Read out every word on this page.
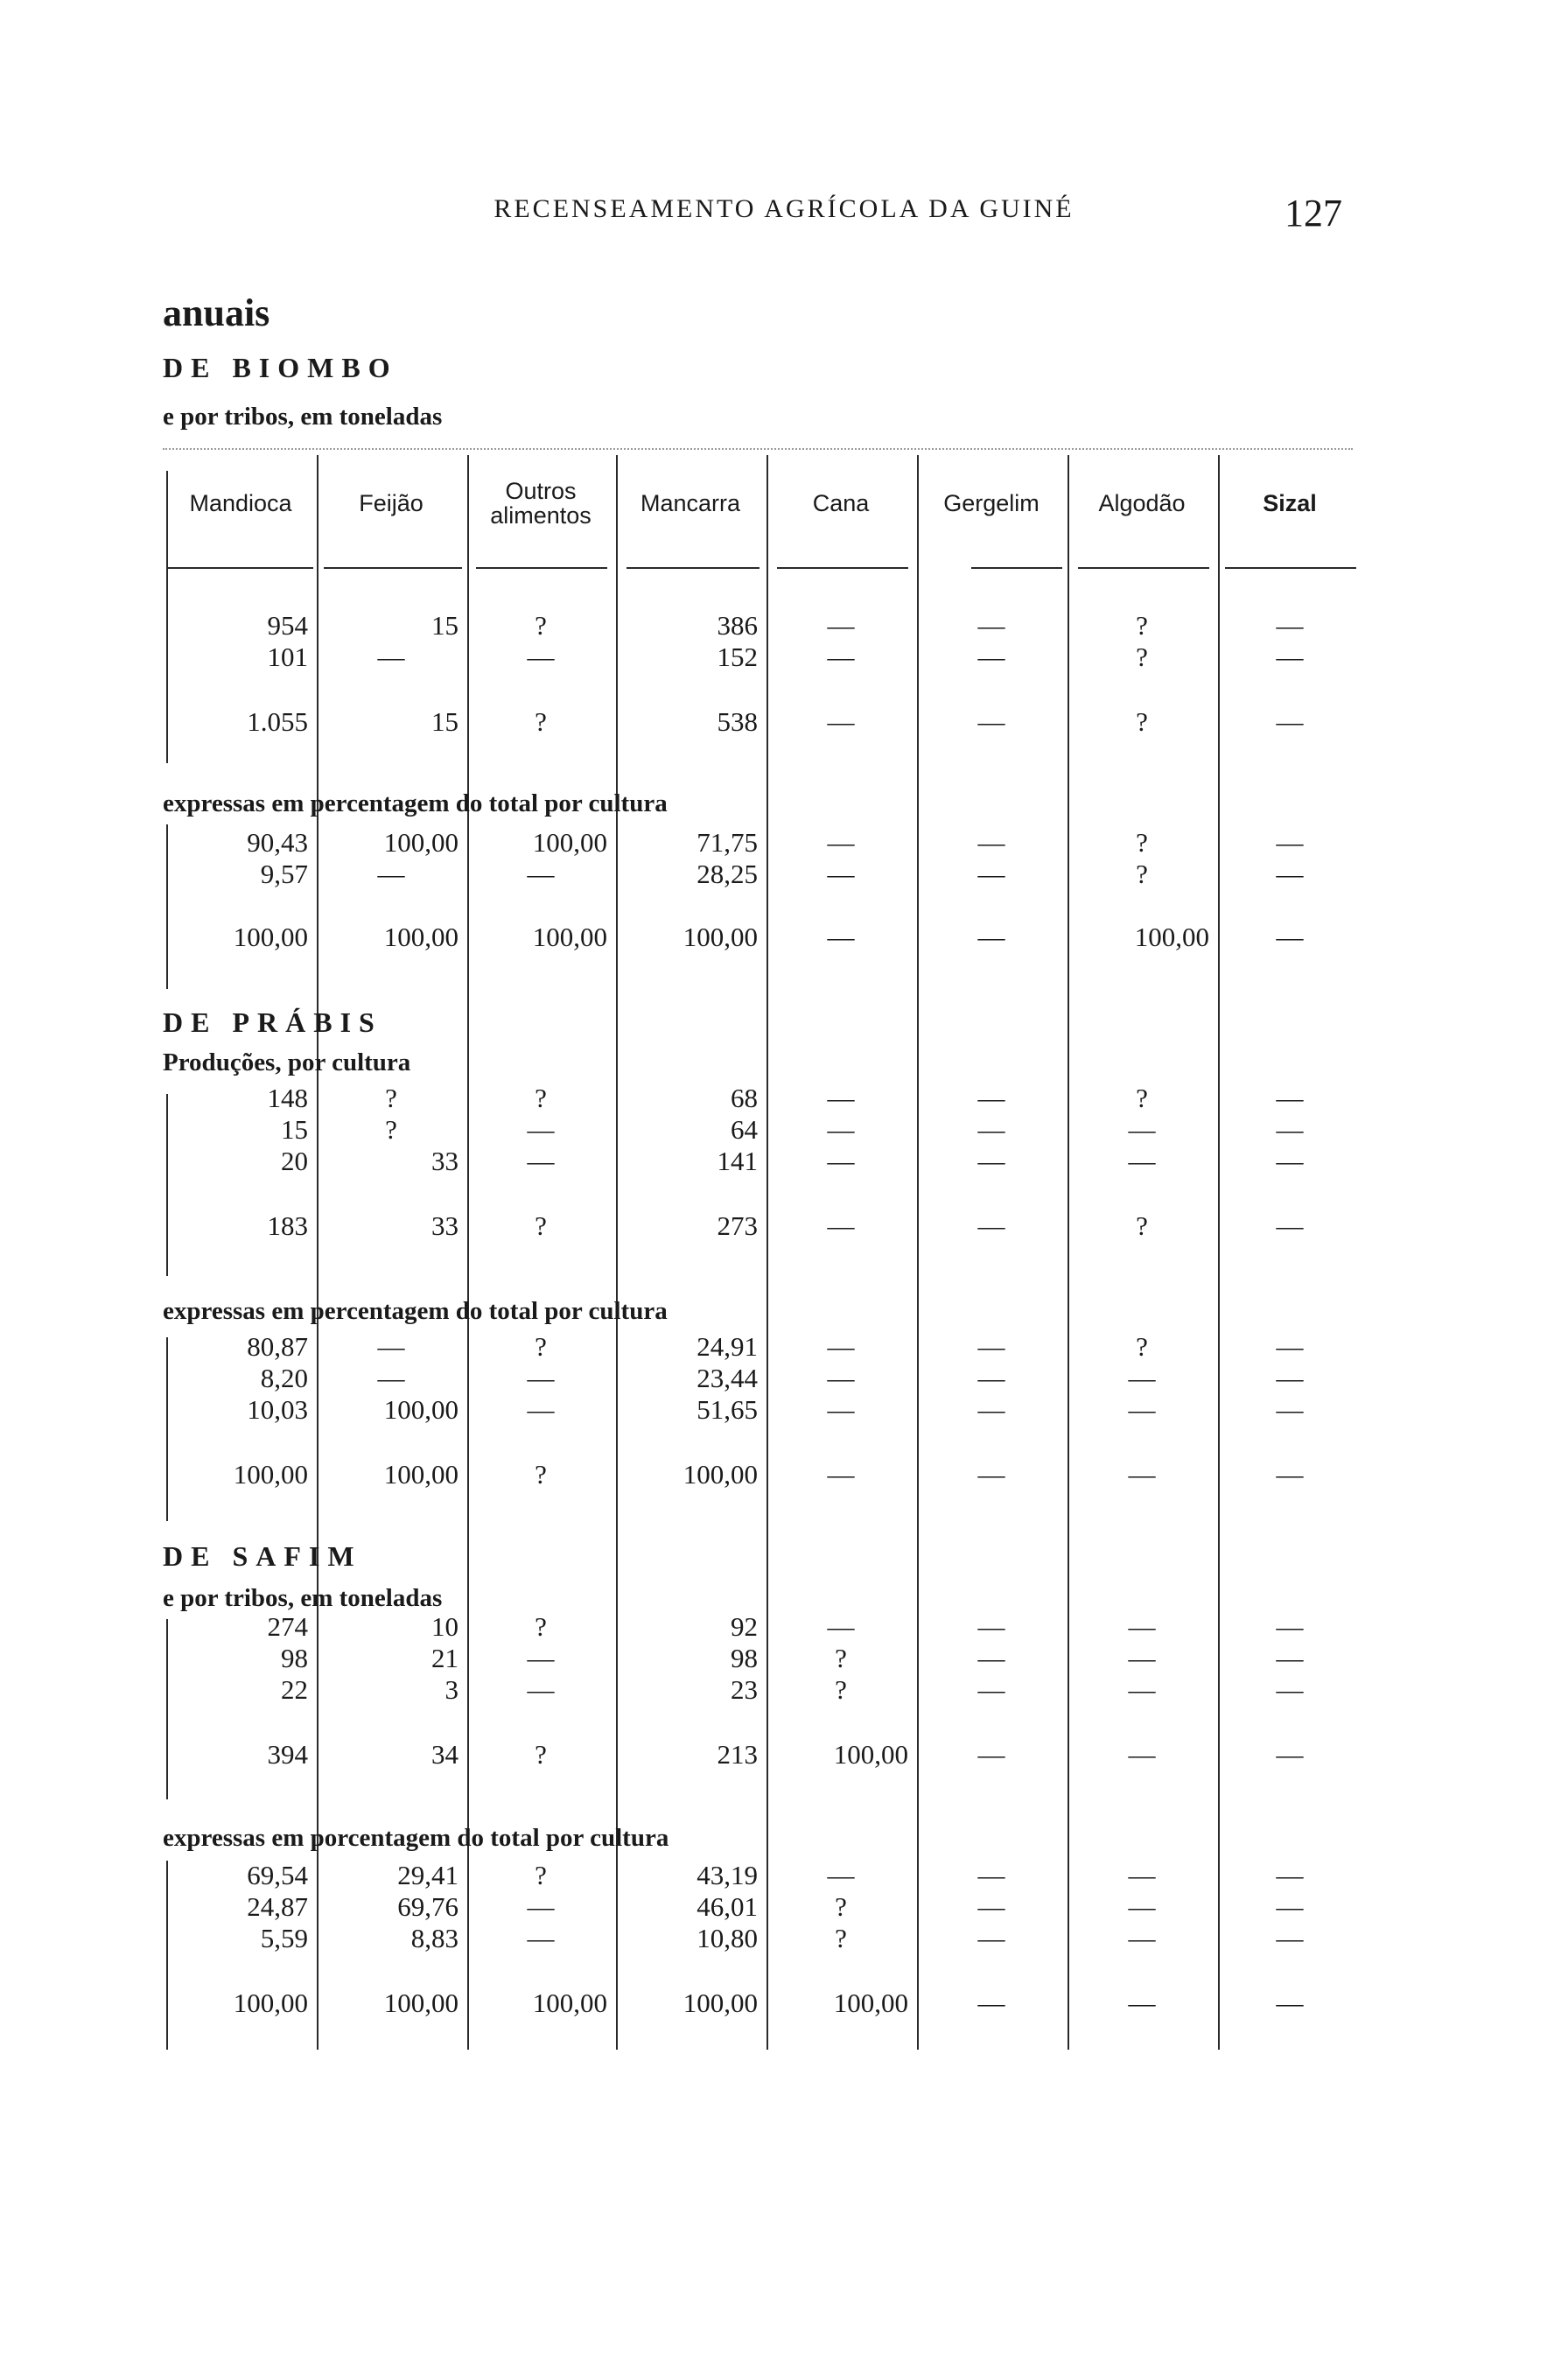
RECENSEAMENTO AGRÍCOLA DA GUINÉ	127
anuais
DE BIOMBO
e por tribos, em toneladas
Mandioca	Feijão	Outros alimentos	Mancarra	Cana	Gergelim	Algodão	Sizal
expressas em percentagem do total por cultura
DE PRÁBIS
Produções, por cultura
expressas em percentagem do total por cultura
DE SAFIM
e por tribos, em toneladas
expressas em porcentagem do total por cultura
954	15	?	386	—	—	?	—
101	—	—	152	—	—	?	—
1.055	15	?	538	—	—	?	—
90,43	100,00	100,00	71,75	—	—	?	—
9,57	—	—	28,25	—	—	?	—
100,00	100,00	100,00	100,00	—	—	100,00	—
148	?	?	68	—	—	?	—
15	?	—	64	—	—	—	—
20	33	—	141	—	—	—	—
183	33	?	273	—	—	?	—
80,87	—	?	24,91	—	—	?	—
8,20	—	—	23,44	—	—	—	—
10,03	100,00	—	51,65	—	—	—	—
100,00	100,00	?	100,00	—	—	—	—
274	10	?	92	—	—	—	—
98	21	—	98	?	—	—	—
22	3	—	23	?	—	—	—
394	34	?	213	100,00	—	—	—
69,54	29,41	?	43,19	—	—	—	—
24,87	69,76	—	46,01	?	—	—	—
5,59	8,83	—	10,80	?	—	—	—
100,00	100,00	100,00	100,00	100,00	—	—	—
